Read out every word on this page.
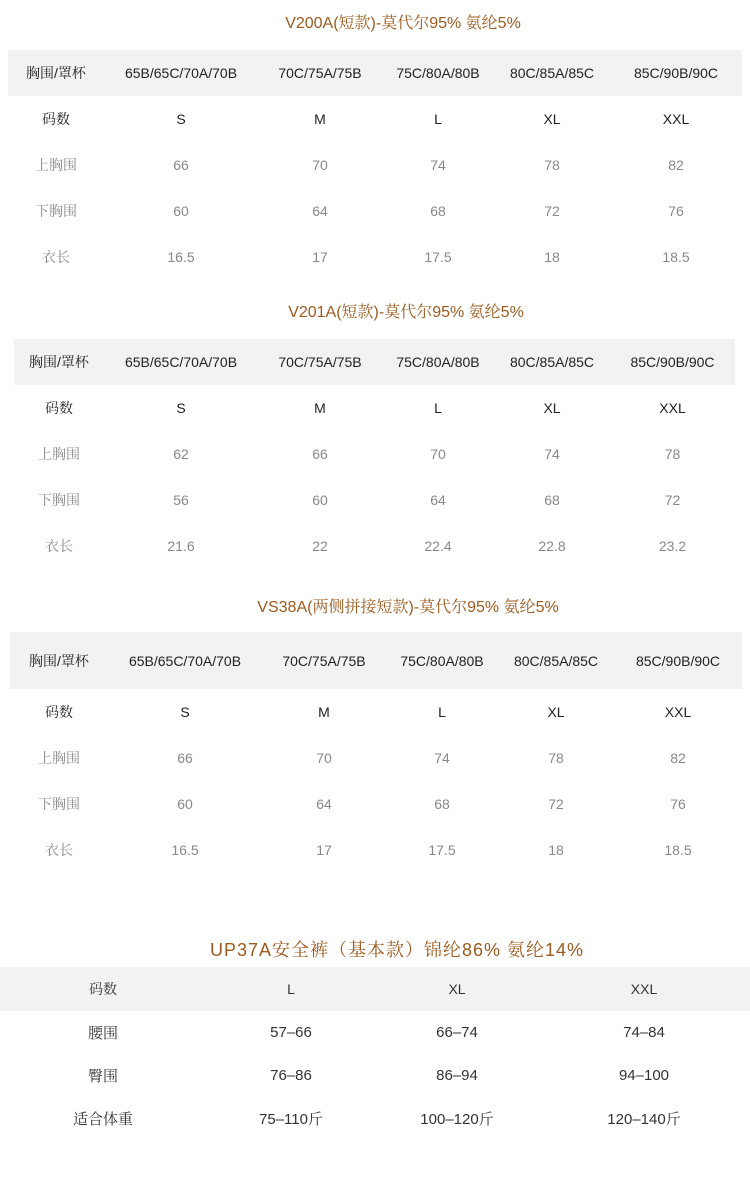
V200A(短款)-莫代尔95% 氨纶5%
胸围/罩杯	65B/65C/70A/70B	70C/75A/75B	75C/80A/80B	80C/85A/85C	85C/90B/90C
码数	S	M	L	XL	XXL
上胸围	66	70	74	78	82
下胸围	60	64	68	72	76
衣长	16.5	17	17.5	18	18.5
V201A(短款)-莫代尔95% 氨纶5%
胸围/罩杯	65B/65C/70A/70B	70C/75A/75B	75C/80A/80B	80C/85A/85C	85C/90B/90C
码数	S	M	L	XL	XXL
上胸围	62	66	70	74	78
下胸围	56	60	64	68	72
衣长	21.6	22	22.4	22.8	23.2
VS38A(两侧拼接短款)-莫代尔95% 氨纶5%
胸围/罩杯	65B/65C/70A/70B	70C/75A/75B	75C/80A/80B	80C/85A/85C	85C/90B/90C
码数	S	M	L	XL	XXL
上胸围	66	70	74	78	82
下胸围	60	64	68	72	76
衣长	16.5	17	17.5	18	18.5
UP37A安全裤（基本款）锦纶86% 氨纶14%
码数	L	XL	XXL
腰围	57–66	66–74	74–84
臀围	76–86	86–94	94–100
适合体重	75–110斤	100–120斤	120–140斤
